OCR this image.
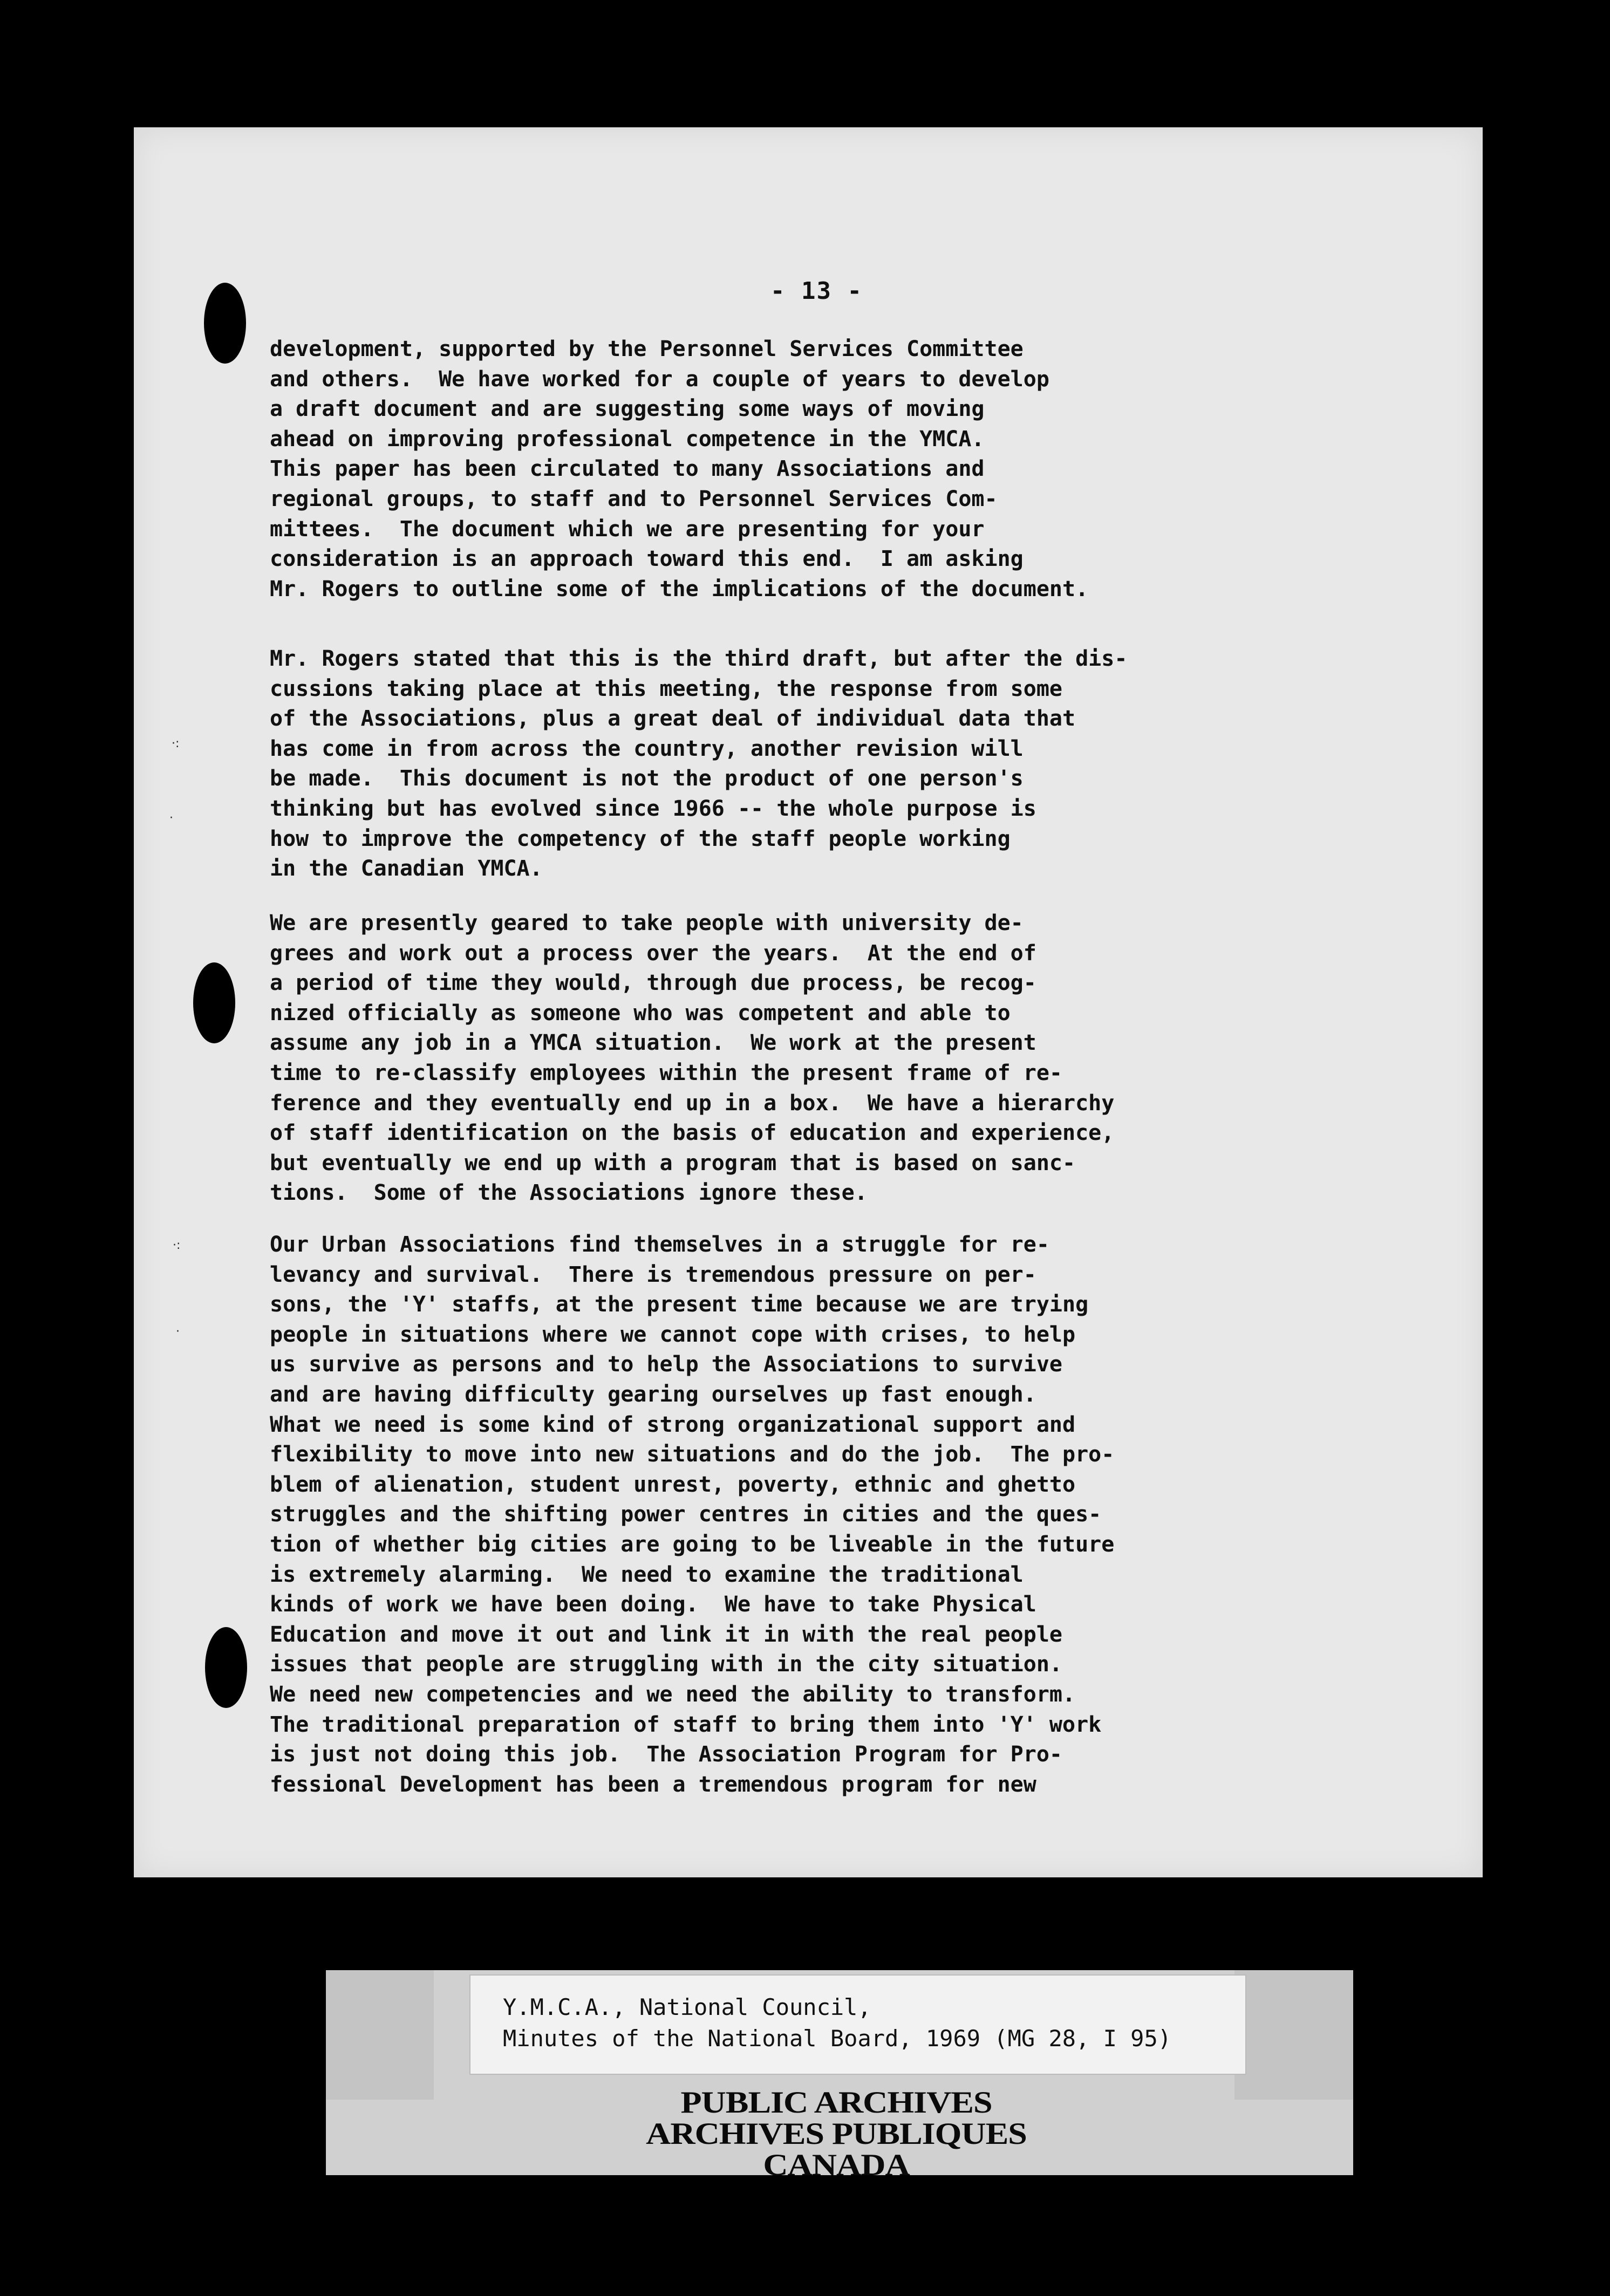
- 13 -
development, supported by the Personnel Services Committee
and others.  We have worked for a couple of years to develop
a draft document and are suggesting some ways of moving
ahead on improving professional competence in the YMCA.
This paper has been circulated to many Associations and
regional groups, to staff and to Personnel Services Com-
mittees.  The document which we are presenting for your
consideration is an approach toward this end.  I am asking
Mr. Rogers to outline some of the implications of the document.
Mr. Rogers stated that this is the third draft, but after the dis-
cussions taking place at this meeting, the response from some
of the Associations, plus a great deal of individual data that
has come in from across the country, another revision will
be made.  This document is not the product of one person's
thinking but has evolved since 1966 -- the whole purpose is
how to improve the competency of the staff people working
in the Canadian YMCA.
We are presently geared to take people with university de-
grees and work out a process over the years.  At the end of
a period of time they would, through due process, be recog-
nized officially as someone who was competent and able to
assume any job in a YMCA situation.  We work at the present
time to re-classify employees within the present frame of re-
ference and they eventually end up in a box.  We have a hierarchy
of staff identification on the basis of education and experience,
but eventually we end up with a program that is based on sanc-
tions.  Some of the Associations ignore these.
Our Urban Associations find themselves in a struggle for re-
levancy and survival.  There is tremendous pressure on per-
sons, the 'Y' staffs, at the present time because we are trying
people in situations where we cannot cope with crises, to help
us survive as persons and to help the Associations to survive
and are having difficulty gearing ourselves up fast enough.
What we need is some kind of strong organizational support and
flexibility to move into new situations and do the job.  The pro-
blem of alienation, student unrest, poverty, ethnic and ghetto
struggles and the shifting power centres in cities and the ques-
tion of whether big cities are going to be liveable in the future
is extremely alarming.  We need to examine the traditional
kinds of work we have been doing.  We have to take Physical
Education and move it out and link it in with the real people
issues that people are struggling with in the city situation.
We need new competencies and we need the ability to transform.
The traditional preparation of staff to bring them into 'Y' work
is just not doing this job.  The Association Program for Pro-
fessional Development has been a tremendous program for new
·:
·
·:
·
Y.M.C.A., National Council,
Minutes of the National Board, 1969 (MG 28, I 95)
PUBLIC ARCHIVES
ARCHIVES PUBLIQUES
CANADA
